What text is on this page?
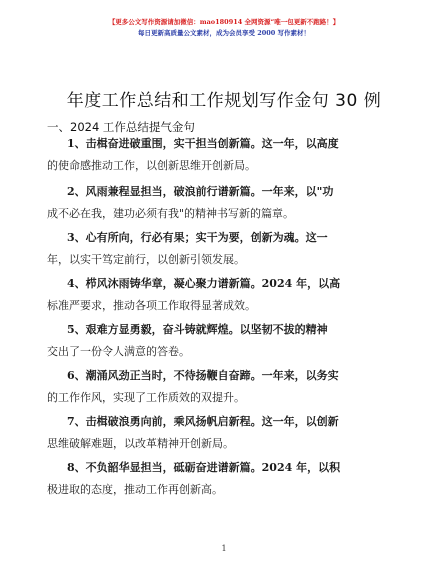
【更多公文写作资源请加微信：mao180914 全网资源“唯一包更新不跑路！】
每日更新高质量公文素材，成为会员享受 2000 写作素材！
年度工作总结和工作规划写作金句 30 例
一、2024 工作总结提气金句
1、击楫奋进破重围，实干担当创新篇。这一年，以高度
的使命感推动工作，以创新思维开创新局。
2、风雨兼程显担当，破浪前行谱新篇。一年来，以"功
成不必在我，建功必须有我"的精神书写新的篇章。
3、心有所向，行必有果；实干为要，创新为魂。这一
年，以实干笃定前行，以创新引领发展。
4、栉风沐雨铸华章，凝心聚力谱新篇。2024 年，以高
标准严要求，推动各项工作取得显著成效。
5、艰难方显勇毅，奋斗铸就辉煌。以坚韧不拔的精神
交出了一份令人满意的答卷。
6、潮涌风劲正当时，不待扬鞭自奋蹄。一年来，以务实
的工作作风，实现了工作质效的双提升。
7、击楫破浪勇向前，乘风扬帆启新程。这一年，以创新
思维破解难题，以改革精神开创新局。
8、不负韶华显担当，砥砺奋进谱新篇。2024 年，以积
极进取的态度，推动工作再创新高。
1
